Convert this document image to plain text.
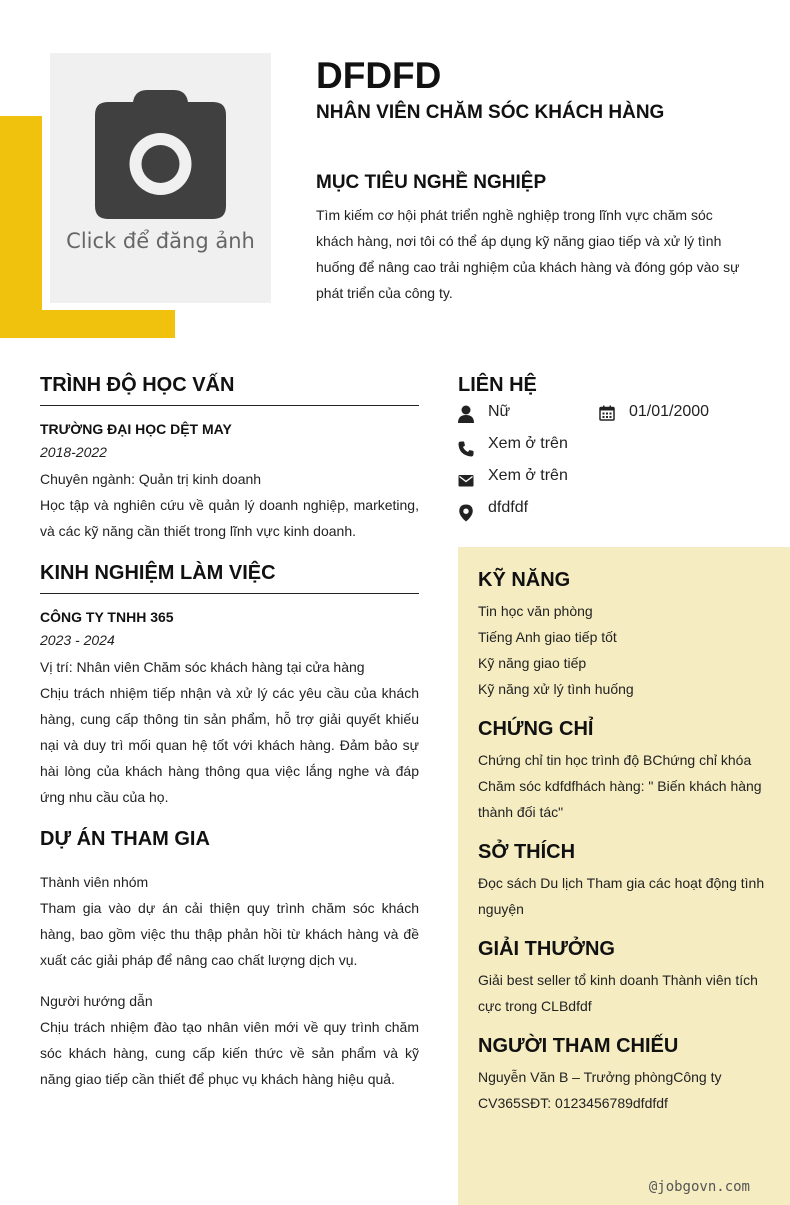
Click để đăng ảnh
DFDFD
NHÂN VIÊN CHĂM SÓC KHÁCH HÀNG
MỤC TIÊU NGHỀ NGHIỆP
Tìm kiếm cơ hội phát triển nghề nghiệp trong lĩnh vực chăm sóc khách hàng, nơi tôi có thể áp dụng kỹ năng giao tiếp và xử lý tình huống để nâng cao trải nghiệm của khách hàng và đóng góp vào sự phát triển của công ty.
TRÌNH ĐỘ HỌC VẤN
TRƯỜNG ĐẠI HỌC DỆT MAY
2018-2022
Chuyên ngành: Quản trị kinh doanh
Học tập và nghiên cứu về quản lý doanh nghiệp, marketing, và các kỹ năng cần thiết trong lĩnh vực kinh doanh.
KINH NGHIỆM LÀM VIỆC
CÔNG TY TNHH 365
2023 - 2024
Vị trí: Nhân viên Chăm sóc khách hàng tại cửa hàng
Chịu trách nhiệm tiếp nhận và xử lý các yêu cầu của khách hàng, cung cấp thông tin sản phẩm, hỗ trợ giải quyết khiếu nại và duy trì mối quan hệ tốt với khách hàng. Đảm bảo sự hài lòng của khách hàng thông qua việc lắng nghe và đáp ứng nhu cầu của họ.
DỰ ÁN THAM GIA
Thành viên nhóm
Tham gia vào dự án cải thiện quy trình chăm sóc khách hàng, bao gồm việc thu thập phản hồi từ khách hàng và đề xuất các giải pháp để nâng cao chất lượng dịch vụ.
Người hướng dẫn
Chịu trách nhiệm đào tạo nhân viên mới về quy trình chăm sóc khách hàng, cung cấp kiến thức về sản phẩm và kỹ năng giao tiếp cần thiết để phục vụ khách hàng hiệu quả.
LIÊN HỆ
Nữ	01/01/2000
Xem ở trên
Xem ở trên
dfdfdf
KỸ NĂNG
Tin học văn phòng
Tiếng Anh giao tiếp tốt
Kỹ năng giao tiếp
Kỹ năng xử lý tình huống
CHỨNG CHỈ
Chứng chỉ tin học trình độ BChứng chỉ khóa Chăm sóc kdfdfhách hàng: " Biến khách hàng thành đối tác"
SỞ THÍCH
Đọc sách Du lịch Tham gia các hoạt động tình nguyện
GIẢI THƯỞNG
Giải best seller tổ kinh doanh Thành viên tích cực trong CLBdfdf
NGƯỜI THAM CHIẾU
Nguyễn Văn B – Trưởng phòngCông ty CV365SĐT: 0123456789dfdfdf
@jobgovn.com
